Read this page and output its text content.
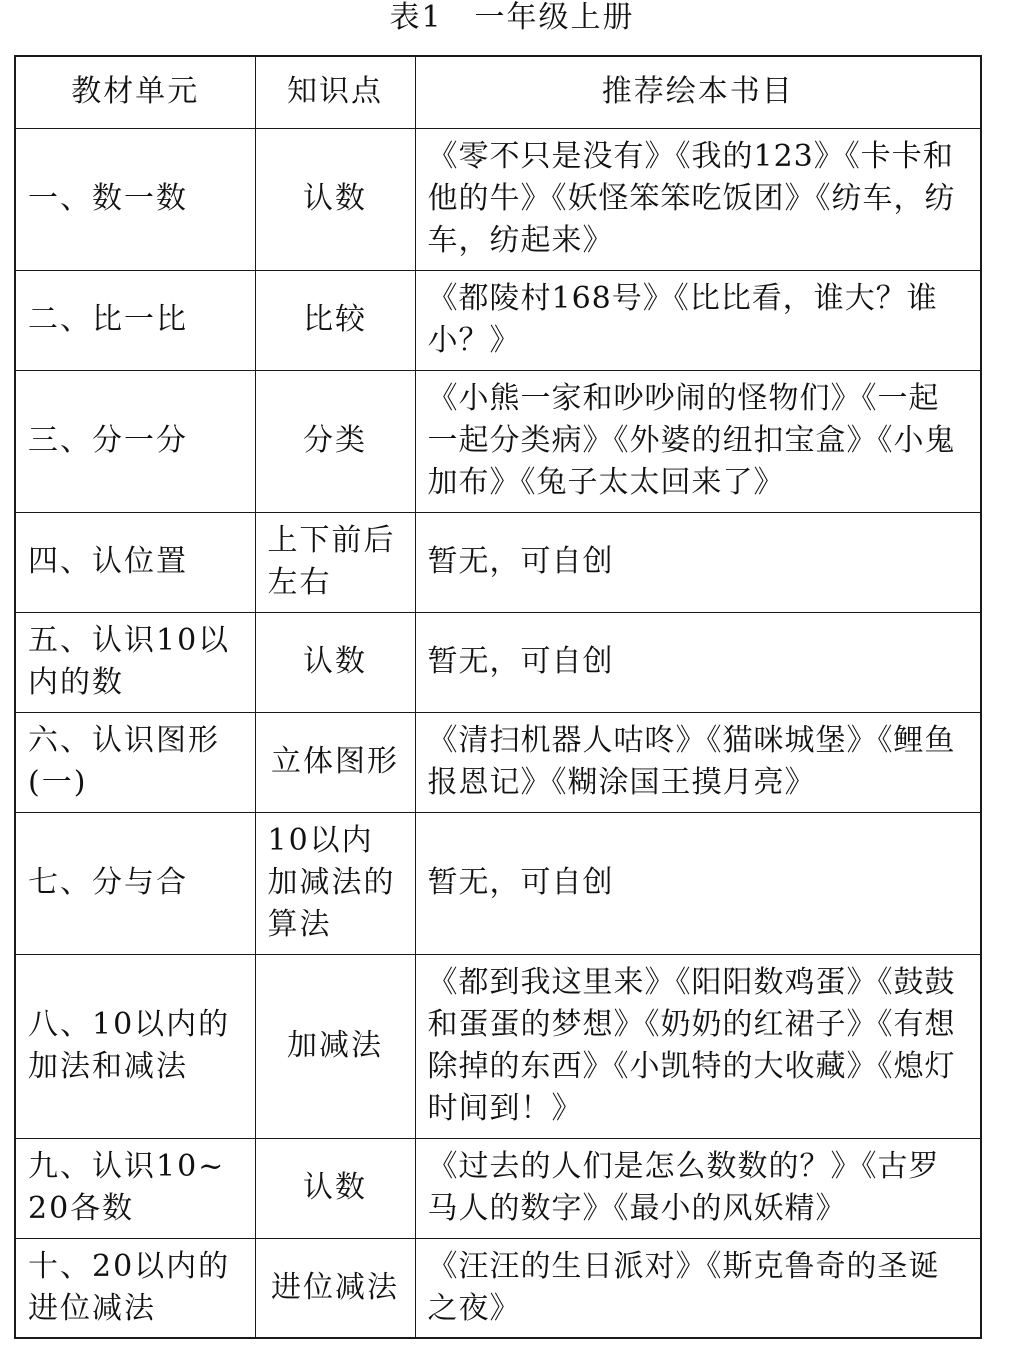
表1　一年级上册
教材单元	知识点	推荐绘本书目
一、数一数	认数	《零不只是没有》《我的123》《卡卡和他的牛》《妖怪笨笨吃饭团》《纺车，纺车，纺起来》
二、比一比	比较	《都陵村168号》《比比看，谁大？谁小？》
三、分一分	分类	《小熊一家和吵吵闹的怪物们》《一起一起分类病》《外婆的纽扣宝盒》《小鬼加布》《兔子太太回来了》
四、认位置	上下前后左右	暂无，可自创
五、认识10以内的数	认数	暂无，可自创
六、认识图形(一)	立体图形	《清扫机器人咕咚》《猫咪城堡》《鲤鱼报恩记》《糊涂国王摸月亮》
七、分与合	10以内加减法的算法	暂无，可自创
八、10以内的加法和减法	加减法	《都到我这里来》《阳阳数鸡蛋》《鼓鼓和蛋蛋的梦想》《奶奶的红裙子》《有想除掉的东西》《小凯特的大收藏》《熄灯时间到！》
九、认识10~20各数	认数	《过去的人们是怎么数数的？》《古罗马人的数字》《最小的风妖精》
十、20以内的进位减法	进位减法	《汪汪的生日派对》《斯克鲁奇的圣诞之夜》
